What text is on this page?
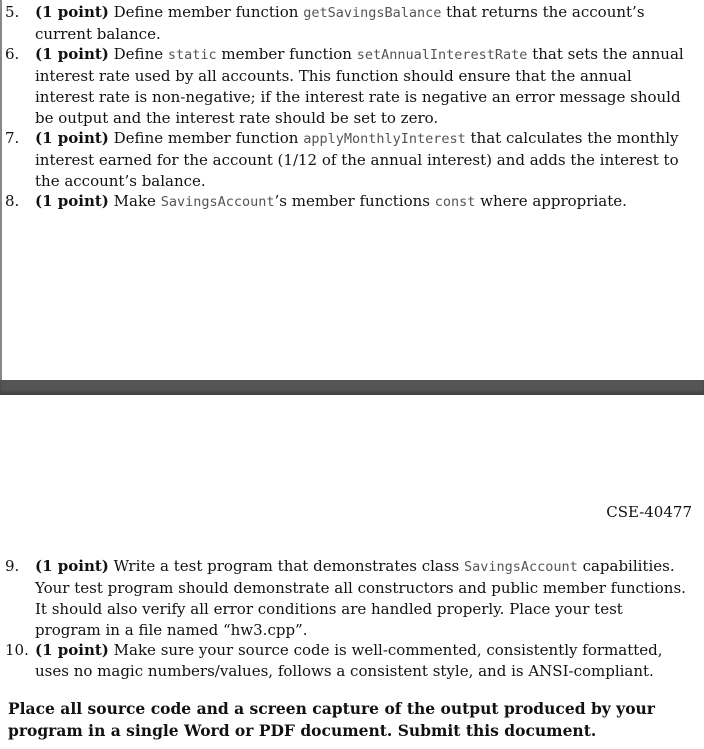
5.	(1 point) Define member function getSavingsBalance that returns the account’s current balance.
6.	(1 point) Define static member function setAnnualInterestRate that sets the annual interest rate used by all accounts. This function should ensure that the annual interest rate is non-negative; if the interest rate is negative an error message should be output and the interest rate should be set to zero.
7.	(1 point) Define member function applyMonthlyInterest that calculates the monthly interest earned for the account (1/12 of the annual interest) and adds the interest to the account’s balance.
8.	(1 point) Make SavingsAccount’s member functions const where appropriate.
CSE-40477
9.	(1 point) Write a test program that demonstrates class SavingsAccount capabilities. Your test program should demonstrate all constructors and public member functions. It should also verify all error conditions are handled properly. Place your test program in a file named “hw3.cpp”.
10. (1 point) Make sure your source code is well-commented, consistently formatted, uses no magic numbers/values, follows a consistent style, and is ANSI-compliant.
Place all source code and a screen capture of the output produced by your program in a single Word or PDF document. Submit this document.
